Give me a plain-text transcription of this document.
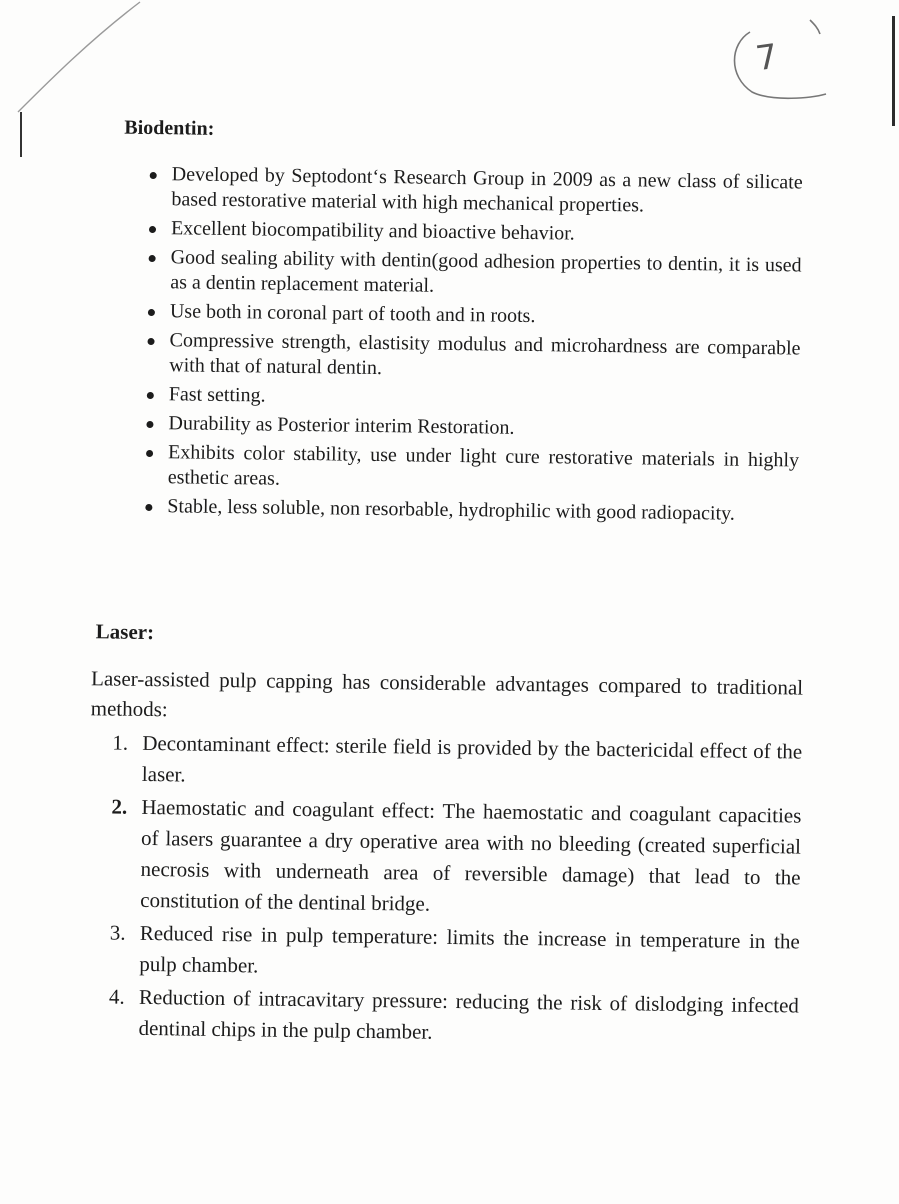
7
Biodentin:
Developed by Septodont‘s Research Group in 2009 as a new class of silicate based restorative material with high mechanical properties.
Excellent biocompatibility and bioactive behavior.
Good sealing ability with dentin(good adhesion properties to dentin, it is used as a dentin replacement material.
Use both in coronal part of tooth and in roots.
Compressive strength, elastisity modulus and microhardness are comparable with that of natural dentin.
Fast setting.
Durability as Posterior interim Restoration.
Exhibits color stability, use under light cure restorative materials in highly esthetic areas.
Stable, less soluble, non resorbable, hydrophilic with good radiopacity.
Laser:

Laser-assisted pulp capping has considerable advantages compared to traditional methods:

1. Decontaminant effect: sterile field is provided by the bactericidal effect of the laser.
2. Haemostatic and coagulant effect: The haemostatic and coagulant capacities of lasers guarantee a dry operative area with no bleeding (created superficial necrosis with underneath area of reversible damage) that lead to the constitution of the dentinal bridge.
3. Reduced rise in pulp temperature: limits the increase in temperature in the pulp chamber.
4. Reduction of intracavitary pressure: reducing the risk of dislodging infected dentinal chips in the pulp chamber.
